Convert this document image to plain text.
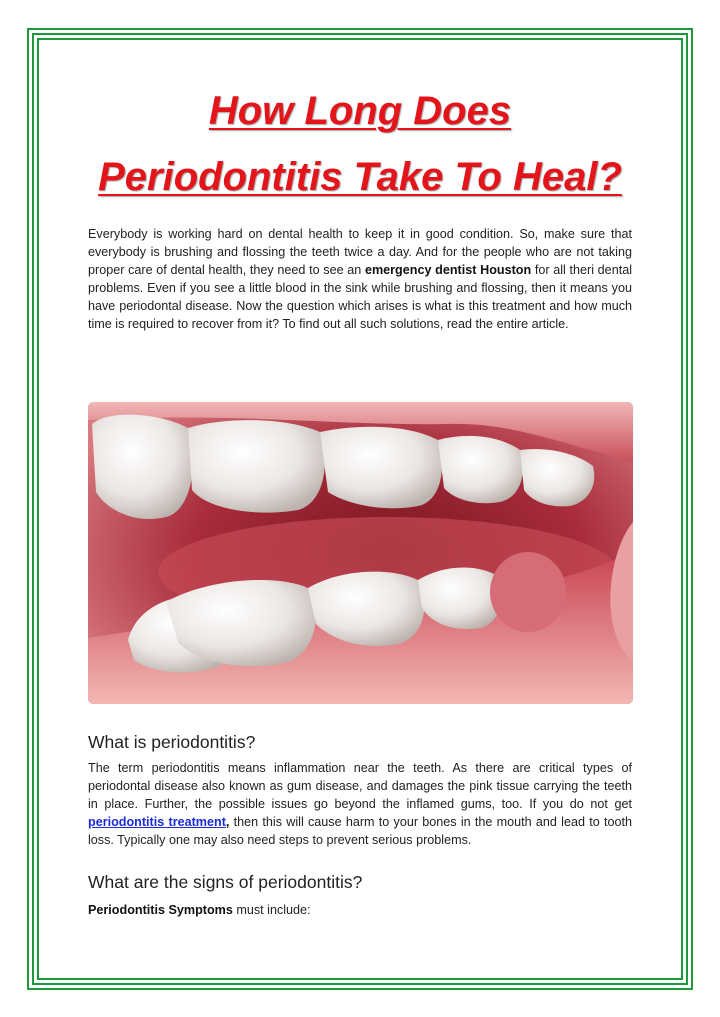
How Long Does Periodontitis Take To Heal?

Everybody is working hard on dental health to keep it in good condition. So, make sure that everybody is brushing and flossing the teeth twice a day. And for the people who are not taking proper care of dental health, they need to see an emergency dentist Houston for all theri dental problems. Even if you see a little blood in the sink while brushing and flossing, then it means you have periodontal disease. Now the question which arises is what is this treatment and how much time is required to recover from it? To find out all such solutions, read the entire article.

What is periodontitis?

The term periodontitis means inflammation near the teeth. As there are critical types of periodontal disease also known as gum disease, and damages the pink tissue carrying the teeth in place. Further, the possible issues go beyond the inflamed gums, too. If you do not get periodontitis treatment, then this will cause harm to your bones in the mouth and lead to tooth loss. Typically one may also need steps to prevent serious problems.

What are the signs of periodontitis?

Periodontitis Symptoms must include:
